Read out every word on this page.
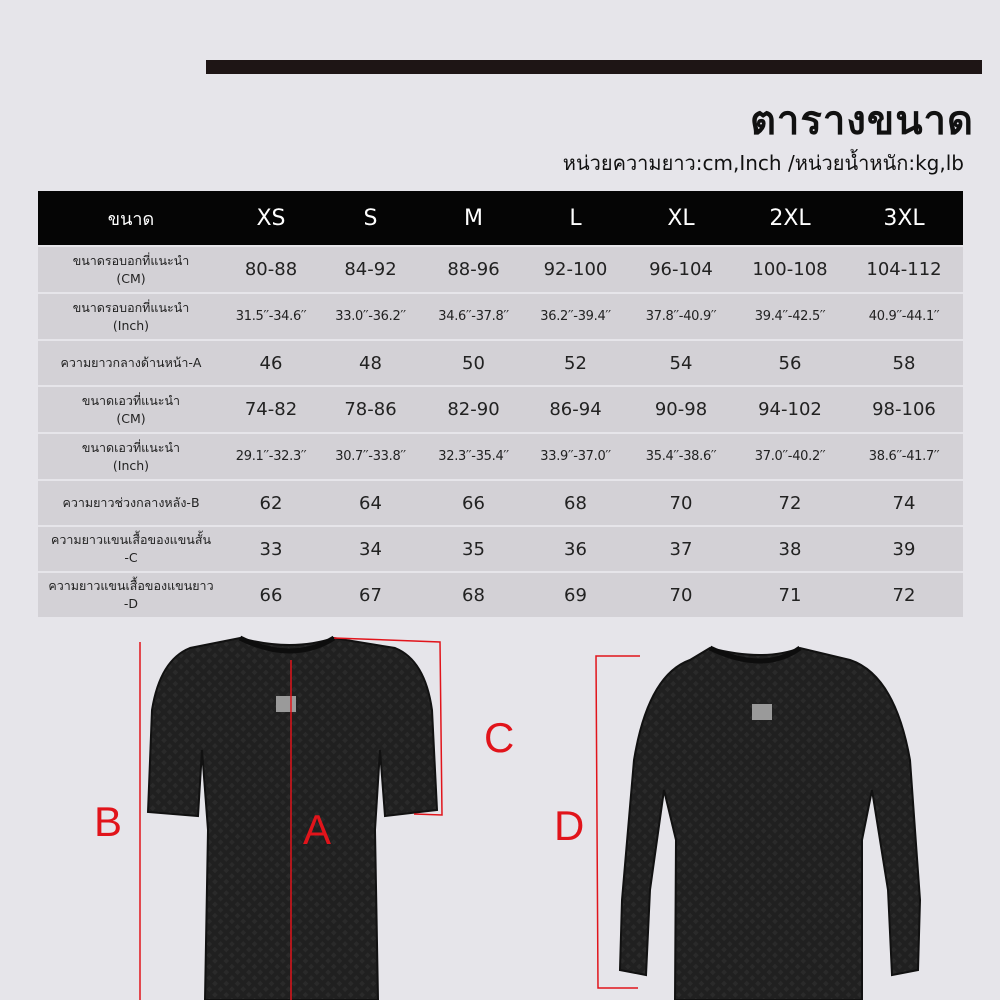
ตารางขนาด
หน่วยความยาว:cm,Inch /หน่วยน้ำหนัก:kg,lb
ขนาด	XS	S	M	L	XL	2XL	3XL

ขนาดรอบอกที่แนะนำ
(CM)	80-88	84-92	88-96	92-100	96-104	100-108	104-112

ขนาดรอบอกที่แนะนำ
(Inch)	31.5′′-34.6′′	33.0′′-36.2′′	34.6′′-37.8′′	36.2′′-39.4′′	37.8′′-40.9′′	39.4′′-42.5′′	40.9′′-44.1′′

ความยาวกลางด้านหน้า-A	46	48	50	52	54	56	58

ขนาดเอวที่แนะนำ
(CM)	74-82	78-86	82-90	86-94	90-98	94-102	98-106

ขนาดเอวที่แนะนำ
(Inch)	29.1′′-32.3′′	30.7′′-33.8′′	32.3′′-35.4′′	33.9′′-37.0′′	35.4′′-38.6′′	37.0′′-40.2′′	38.6′′-41.7′′

ความยาวช่วงกลางหลัง-B	62	64	66	68	70	72	74

ความยาวแขนเสื้อของแขนสั้น
-C	33	34	35	36	37	38	39

ความยาวแขนเสื้อของแขนยาว
-D	66	67	68	69	70	71	72
B	A
C
D
